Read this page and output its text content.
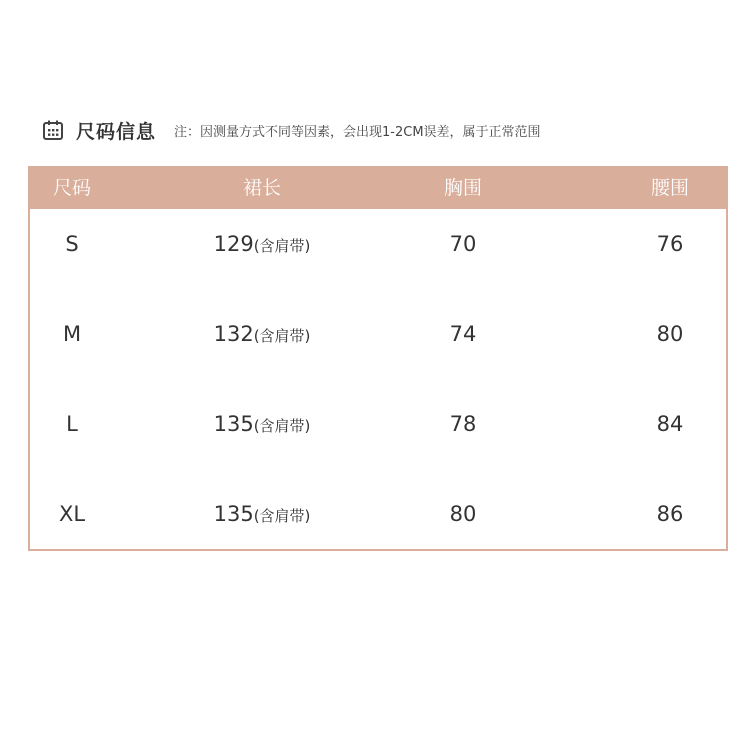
尺码信息 注：因测量方式不同等因素，会出现1-2CM误差，属于正常范围
尺码	裙长	胸围	腰围
S	129(含肩带)	70	76
M	132(含肩带)	74	80
L	135(含肩带)	78	84
XL	135(含肩带)	80	86
